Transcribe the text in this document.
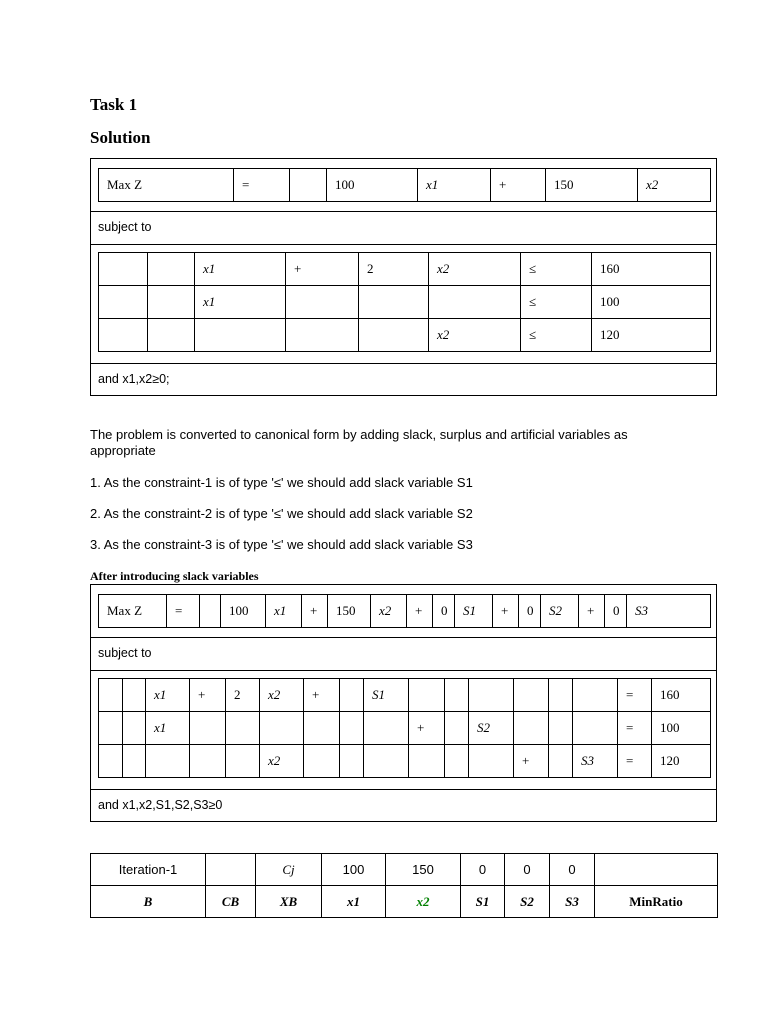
Task 1
Solution
Max Z	=		100	x1	+	150	x2
subject to
		x1	+	2	x2	≤	160
		x1				≤	100
					x2	≤	120
and x1,x2≥0;

The problem is converted to canonical form by adding slack, surplus and artificial variables as appropriate

1. As the constraint-1 is of type '≤' we should add slack variable S1

2. As the constraint-2 is of type '≤' we should add slack variable S2

3. As the constraint-3 is of type '≤' we should add slack variable S3

After introducing slack variables
Max Z	=		100	x1	+	150	x2	+	0	S1	+	0	S2	+	0	S3
subject to
		x1	+	2	x2	+		S1							=	160
		x1							+		S2				=	100
					x2							+		S3	=	120
and x1,x2,S1,S2,S3≥0
Iteration-1		Cj	100	150	0	0	0	
B	CB	XB	x1	x2	S1	S2	S3	MinRatio
